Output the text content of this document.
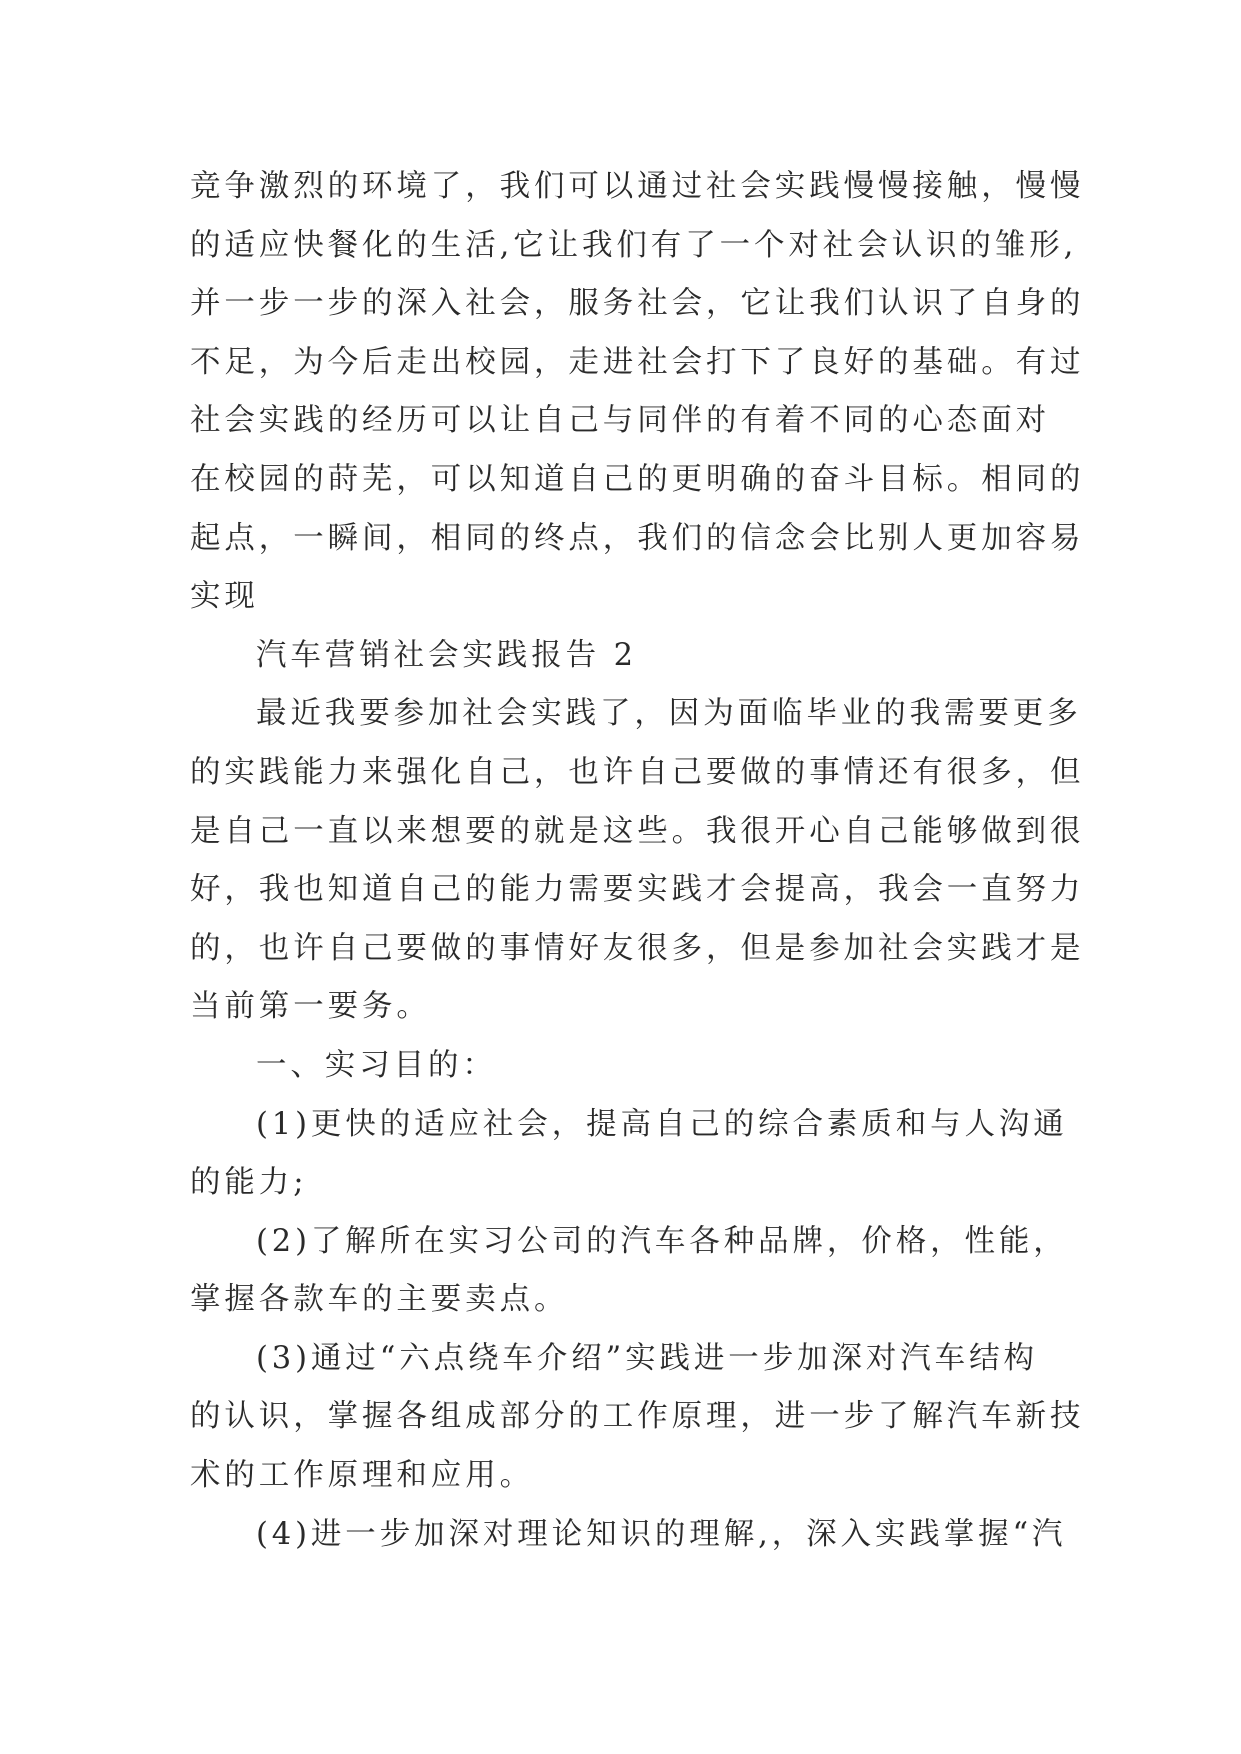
竞争激烈的环境了，我们可以通过社会实践慢慢接触，慢慢
的适应快餐化的生活,它让我们有了一个对社会认识的雏形,
并一步一步的深入社会，服务社会，它让我们认识了自身的
不足，为今后走出校园，走进社会打下了良好的基础。有过
社会实践的经历可以让自己与同伴的有着不同的心态面对
在校园的莳芜，可以知道自己的更明确的奋斗目标。相同的
起点，一瞬间，相同的终点，我们的信念会比别人更加容易
实现
汽车营销社会实践报告 2
最近我要参加社会实践了，因为面临毕业的我需要更多
的实践能力来强化自己，也许自己要做的事情还有很多，但
是自己一直以来想要的就是这些。我很开心自己能够做到很
好，我也知道自己的能力需要实践才会提高，我会一直努力
的，也许自己要做的事情好友很多，但是参加社会实践才是
当前第一要务。
一、实习目的：
(1)更快的适应社会，提高自己的综合素质和与人沟通
的能力;
(2)了解所在实习公司的汽车各种品牌，价格，性能，
掌握各款车的主要卖点。
(3)通过“六点绕车介绍”实践进一步加深对汽车结构
的认识，掌握各组成部分的工作原理，进一步了解汽车新技
术的工作原理和应用。
(4)进一步加深对理论知识的理解,，深入实践掌握“汽
